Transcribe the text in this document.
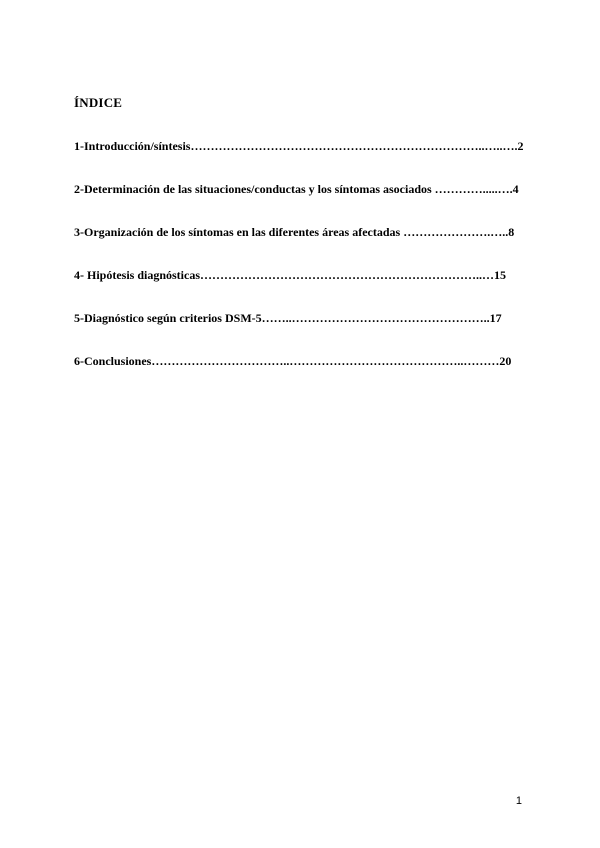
ÍNDICE
1-Introducción/síntesis………………………………………………………………..…..….2
2-Determinación de las situaciones/conductas y los síntomas asociados ………….....….4
3-Organización de los síntomas en las diferentes áreas afectadas ………………….…..8
4- Hipótesis diagnósticas……………………………………………………………..…15
5-Diagnóstico según criterios DSM-5……..…………………………………………..17
6-Conclusiones……………………………..……………………………………..………20
1
